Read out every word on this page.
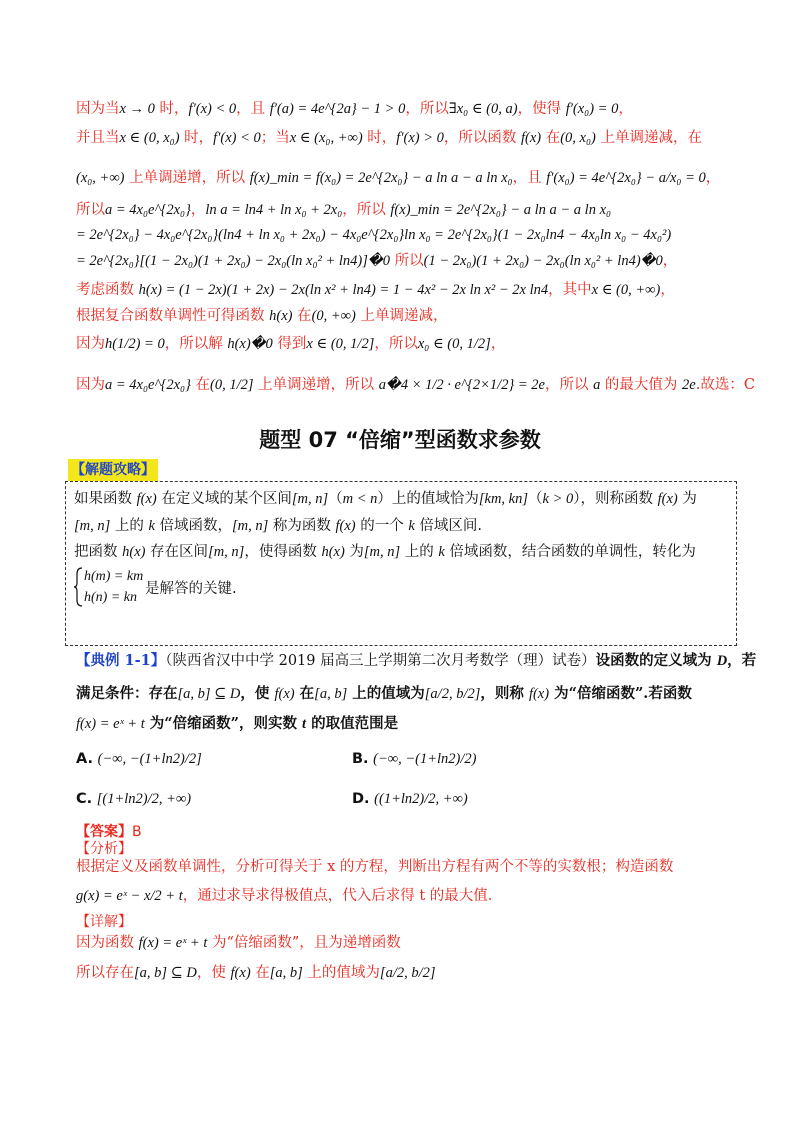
因为当x → 0 时，f′(x) < 0，且 f′(a) = 4e^{2a} − 1 > 0，所以∃x₀ ∈ (0, a)，使得 f′(x₀) = 0，
并且当x ∈ (0, x₀) 时，f′(x) < 0；当x ∈ (x₀, +∞) 时，f′(x) > 0，所以函数 f(x) 在(0, x₀) 上单调递减，在
(x₀, +∞) 上单调递增，所以 f(x)_min = f(x₀) = 2e^{2x₀} − a ln a − a ln x₀，且 f′(x₀) = 4e^{2x₀} − a/x₀ = 0，
所以a = 4x₀e^{2x₀}，ln a = ln4 + ln x₀ + 2x₀，所以 f(x)_min = 2e^{2x₀} − a ln a − a ln x₀
= 2e^{2x₀} − 4x₀e^{2x₀}(ln4 + ln x₀ + 2x₀) − 4x₀e^{2x₀}ln x₀ = 2e^{2x₀}(1 − 2x₀ln4 − 4x₀ln x₀ − 4x₀²)
= 2e^{2x₀}[(1 − 2x₀)(1 + 2x₀) − 2x₀(ln x₀² + ln4)]�0 所以(1 − 2x₀)(1 + 2x₀) − 2x₀(ln x₀² + ln4)�0，
考虑函数 h(x) = (1 − 2x)(1 + 2x) − 2x(ln x² + ln4) = 1 − 4x² − 2x ln x² − 2x ln4，其中x ∈ (0, +∞)，
根据复合函数单调性可得函数 h(x) 在(0, +∞) 上单调递减，
因为h(1/2) = 0，所以解 h(x)�0 得到x ∈ (0, 1/2]，所以x₀ ∈ (0, 1/2]，
因为a = 4x₀e^{2x₀} 在(0, 1/2] 上单调递增，所以 a�4 × 1/2 · e^{2×1/2} = 2e，所以 a 的最大值为 2e.故选：C
题型 07 “倍缩”型函数求参数
【解题攻略】
如果函数 f(x) 在定义域的某个区间[m, n]（m < n）上的值域恰为[km, kn]（k > 0），则称函数 f(x) 为
[m, n] 上的 k 倍域函数，[m, n] 称为函数 f(x) 的一个 k 倍域区间.
把函数 h(x) 存在区间[m, n]，使得函数 h(x) 为[m, n] 上的 k 倍域函数，结合函数的单调性，转化为
h(m) = km
h(n) = kn
是解答的关键.
【典例 1-1】（陕西省汉中中学 2019 届高三上学期第二次月考数学（理）试卷）设函数的定义域为 D，若
满足条件：存在[a, b] ⊆ D，使 f(x) 在[a, b] 上的值域为[a/2, b/2]，则称 f(x) 为“倍缩函数”.若函数
f(x) = eˣ + t 为“倍缩函数”，则实数 t 的取值范围是
A. (−∞, −(1+ln2)/2]	B. (−∞, −(1+ln2)/2)
C. [(1+ln2)/2, +∞)	D. ((1+ln2)/2, +∞)
【答案】B
【分析】
根据定义及函数单调性，分析可得关于 x 的方程，判断出方程有两个不等的实数根；构造函数
g(x) = eˣ − x/2 + t，通过求导求得极值点，代入后求得 t 的最大值.
【详解】
因为函数 f(x) = eˣ + t 为“倍缩函数”，且为递增函数
所以存在[a, b] ⊆ D，使 f(x) 在[a, b] 上的值域为[a/2, b/2]
